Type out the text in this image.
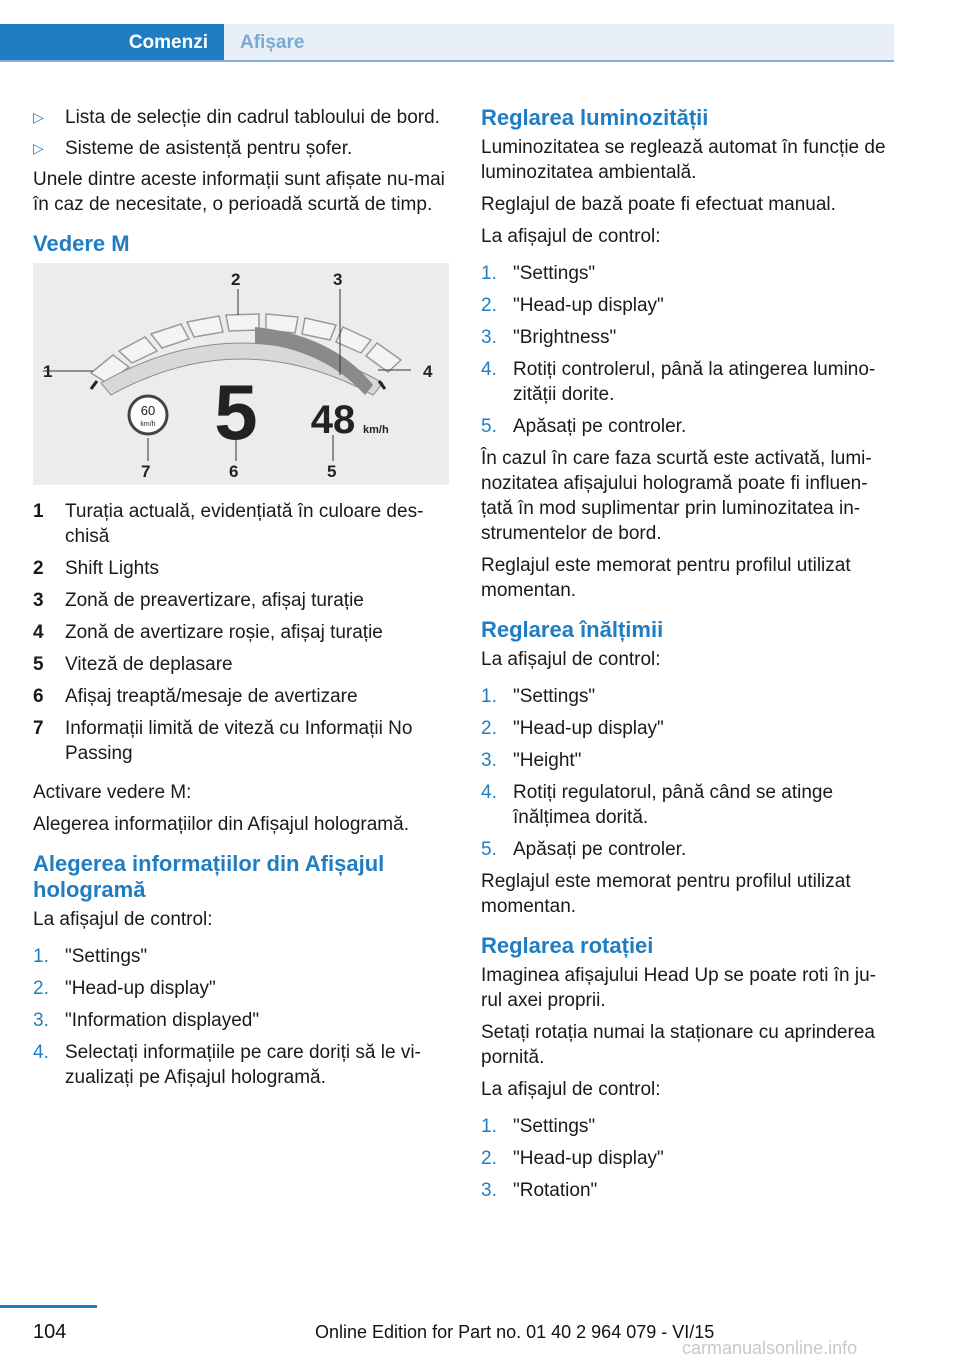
Comenzi	Afișare
▷	Lista de selecție din cadrul tabloului de bord.
▷	Sisteme de asistență pentru șofer.
Unele dintre aceste informații sunt afișate nu-mai în caz de necesitate, o perioadă scurtă de timp.
Vedere M
60
km/h 5 48 km/h
1
2	3
4
5
6
7
1	Turația actuală, evidențiată în culoare des-chisă
2	Shift Lights
3	Zonă de preavertizare, afișaj turație
4	Zonă de avertizare roșie, afișaj turație
5	Viteză de deplasare
6	Afișaj treaptă/mesaje de avertizare
7	Informații limită de viteză cu Informații No Passing
Activare vedere M:
Alegerea informațiilor din Afișajul hologramă.
Alegerea informațiilor din Afișajul hologramă
La afișajul de control:
1. "Settings"
2. "Head-up display"
3. "Information displayed"
4. Selectați informațiile pe care doriți să le vi-zualizați pe Afișajul hologramă.
Reglarea luminozității
Luminozitatea se reglează automat în funcție de luminozitatea ambientală.
Reglajul de bază poate fi efectuat manual.
La afișajul de control:
1. "Settings"
2. "Head-up display"
3. "Brightness"
4. Rotiți controlerul, până la atingerea lumino-zității dorite.
5. Apăsați pe controler.
În cazul în care faza scurtă este activată, lumi-nozitatea afișajului hologramă poate fi influen-țată în mod suplimentar prin luminozitatea in-strumentelor de bord.
Reglajul este memorat pentru profilul utilizat momentan.
Reglarea înălțimii
La afișajul de control:
1. "Settings"
2. "Head-up display"
3. "Height"
4. Rotiți regulatorul, până când se atinge înălțimea dorită.
5. Apăsați pe controler.
Reglajul este memorat pentru profilul utilizat momentan.
Reglarea rotației
Imaginea afișajului Head Up se poate roti în ju-rul axei proprii.
Setați rotația numai la staționare cu aprinderea pornită.
La afișajul de control:
1. "Settings"
2. "Head-up display"
3. "Rotation"
104	Online Edition for Part no. 01 40 2 964 079 - VI/15
carmanualsonline.info
